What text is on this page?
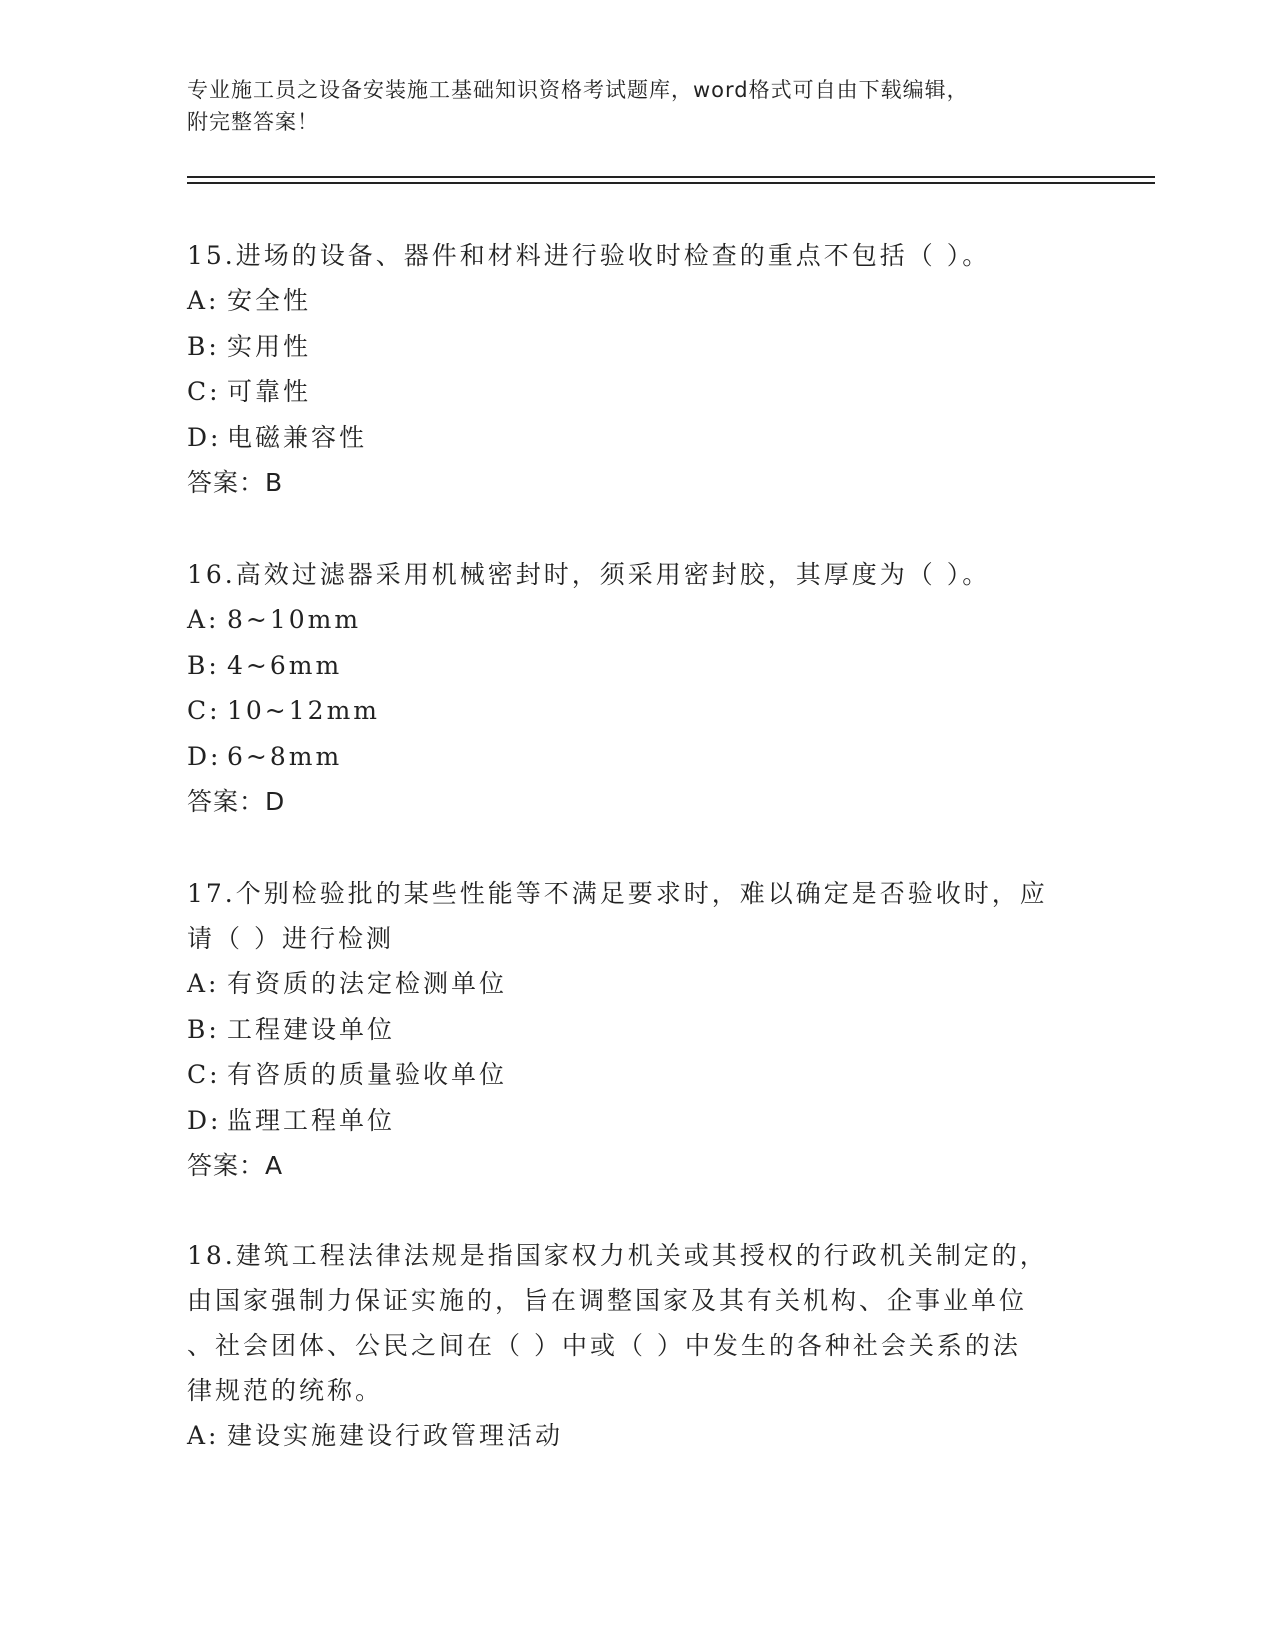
专业施工员之设备安装施工基础知识资格考试题库，word格式可自由下载编辑，
附完整答案！

15.进场的设备、器件和材料进行验收时检查的重点不包括（ ）。

A: 安全性

B: 实用性

C: 可靠性

D: 电磁兼容性

答案：B

16.高效过滤器采用机械密封时，须采用密封胶，其厚度为（ ）。

A: 8~10mm

B: 4~6mm

C: 10~12mm

D: 6~8mm

答案：D

17.个别检验批的某些性能等不满足要求时，难以确定是否验收时，应
请（ ）进行检测

A: 有资质的法定检测单位

B: 工程建设单位

C: 有咨质的质量验收单位

D: 监理工程单位

答案：A

18.建筑工程法律法规是指国家权力机关或其授权的行政机关制定的，
由国家强制力保证实施的，旨在调整国家及其有关机构、企事业单位
、社会团体、公民之间在（ ）中或（ ）中发生的各种社会关系的法
律规范的统称。

A: 建设实施建设行政管理活动
